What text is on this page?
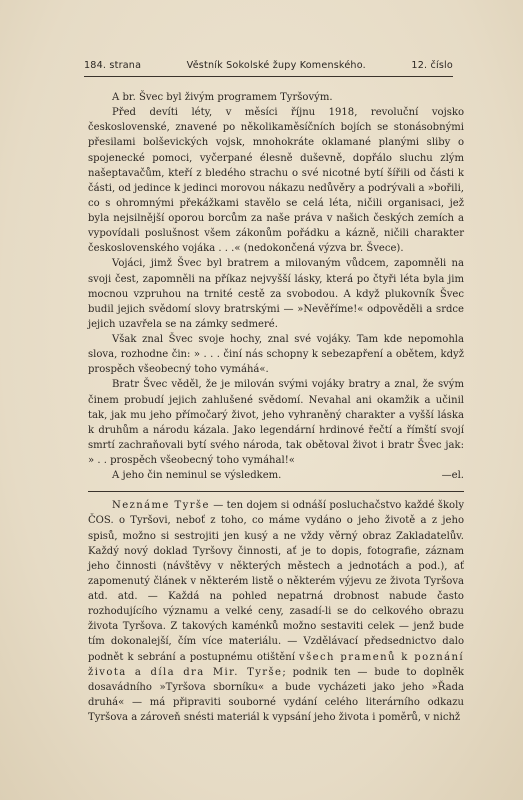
184. strana	Věstník Sokolské župy Komenského.	12. číslo

A br. Švec byl živým programem Tyršovým.

Před devíti léty, v měsíci říjnu 1918, revoluční vojsko československé, znavené po několikaměsíčních bojích se stonásobnými přesilami bolševických vojsk, mnohokráte oklamané planými sliby o spojenecké pomoci, vyčerpané élesně duševně, dopřálo sluchu zlým našeptavačům, kteří z bledého strachu o své nicotné bytí šířili od části k části, od jedince k jedinci morovou nákazu nedůvěry a podrývali a »bořili, co s ohromnými překážkami stavělo se celá léta, ničili organisaci, jež byla nejsilnější oporou borcům za naše práva v našich českých zemích a vypovídali poslušnost všem zákonům pořádku a kázně, ničili charakter československého vojáka . . .« (nedokončená výzva br. Švece).

Vojáci, jimž Švec byl bratrem a milovaným vůdcem, zapomněli na svoji čest, zapomněli na příkaz nejvyšší lásky, která po čtyři léta byla jim mocnou vzpruhou na trnité cestě za svobodou. A když plukovník Švec budil jejich svědomí slovy bratrskými — »Nevěříme!« odpověděli a srdce jejich uzavřela se na zámky sedmeré.

Však znal Švec svoje hochy, znal své vojáky. Tam kde nepomohla slova, rozhodne čin: » . . . činí nás schopny k sebezapření a obětem, když prospěch všeobecný toho vymáhá«.

Bratr Švec věděl, že je milován svými vojáky bratry a znal, že svým činem probudí jejich zahlušené svědomí. Nevahal ani okamžik a učinil tak, jak mu jeho přímočarý život, jeho vyhraněný charakter a vyšší láska k druhům a národu kázala. Jako legendární hrdinové řečtí a římští svojí smrtí zachraňovali bytí svého národa, tak obětoval život i bratr Švec jak: » . . prospěch všeobecný toho vymáhal!«

A jeho čin neminul se výsledkem.	—el.

Neznáme Tyrše — ten dojem si odnáší posluchačstvo každé školy ČOS. o Tyršovi, neboť z toho, co máme vydáno o jeho životě a z jeho spisů, možno si sestrojiti jen kusý a ne vždy věrný obraz Zakladatelův. Každý nový doklad Tyršovy činnosti, ať je to dopis, fotografie, záznam jeho činnosti (návštěvy v některých městech a jednotách a pod.), ať zapomenutý článek v některém listě o některém výjevu ze života Tyršova atd. atd. — Každá na pohled nepatrná drobnost nabude často rozhodujícího významu a velké ceny, zasadí-li se do celkového obrazu života Tyršova. Z takových kaménků možno sestaviti celek — jenž bude tím dokonalejší, čím více materiálu. — Vzdělávací předsednictvo dalo podnět k sebrání a postupnému otištění všech pramenů k poznání života a díla dra Mir. Tyrše; podnik ten — bude to doplněk dosavádního »Tyršova sborníku« a bude vycházeti jako jeho »Řada druhá« — má připraviti souborné vydání celého literárního odkazu Tyršova a zároveň snésti materiál k vypsání jeho života i poměrů, v nichž
